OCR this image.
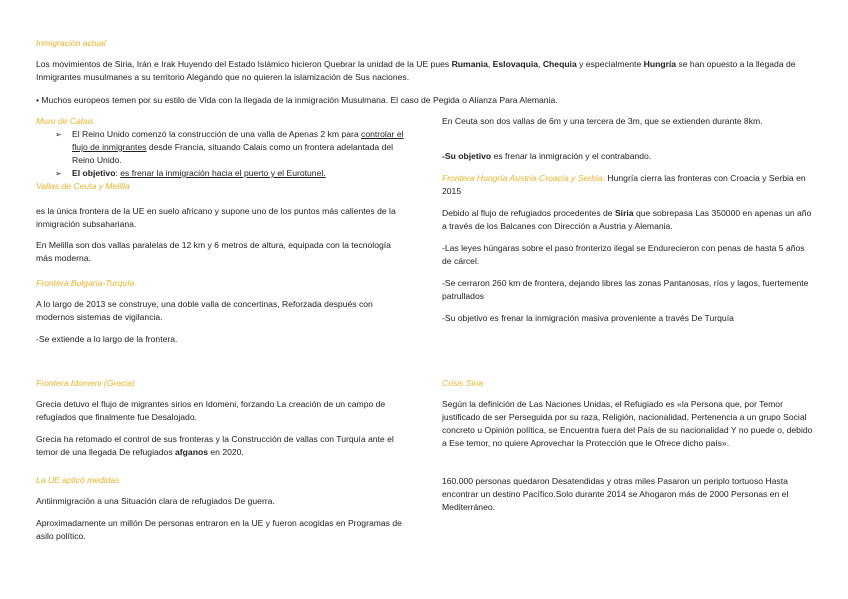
Inmigración actual

Los movimientos de Siria, Irán e Irak Huyendo del Estado Islámico hicieron Quebrar la unidad de la UE pues Rumania, Eslovaquia, Chequia y especialmente Hungría se han opuesto a la llegada de Inmigrantes musulmanes a su territorio Alegando que no quieren la islamización de Sus naciones.

• Muchos europeos temen por su estilo de Vida con la llegada de la inmigración Musulmana. El caso de Pegida o Alianza Para Alemania.

Muro de Calais
➢ El Reino Unido comenzó la construcción de una valla de Apenas 2 km para controlar el flujo de inmigrantes desde Francia, situando Calais como un frontera adelantada del Reino Unido.
➢ El objetivo: es frenar la inmigración hacia el puerto y el Eurotunel.
Vallas de Ceuta y Melilla

es la única frontera de la UE en suelo africano y supone uno de los puntos más calientes de la inmigración subsahariana.

En Melilla son dos vallas paralelas de 12 km y 6 metros de altura, equipada con la tecnología más moderna.

Frontera Bulgaria-Turquía

A lo largo de 2013 se construye, una doble valla de concertinas, Reforzada después con modernos sistemas de vigilancia.

-Se extiende a lo largo de la frontera.

En Ceuta son dos vallas de 6m y una tercera de 3m, que se extienden durante 8km.

-Su objetivo es frenar la inmigración y el contrabando.

Frontera Hungría Austria-Croacia y Serbia: Hungría cierra las fronteras con Croacia y Serbia en 2015

Debido al flujo de refugiados procedentes de Siria que sobrepasa Las 350000 en apenas un año a través de los Balcanes con Dirección a Austria y Alemania.

-Las leyes húngaras sobre el paso fronterizo ilegal se Endurecieron con penas de hasta 5 años de cárcel.

-Se cerraron 260 km de frontera, dejando libres las zonas Pantanosas, ríos y lagos, fuertemente patrullados

-Su objetivo es frenar la inmigración masiva proveniente a través De Turquía

Frontera Idomeni (Grecia)

Grecia detuvo el flujo de migrantes sirios en Idomeni, forzando La creación de un campo de refugiados que finalmente fue Desalojado.

Grecia ha retomado el control de sus fronteras y la Construcción de vallas con Turquía ante el temor de una llegada De refugiados afganos en 2020.

La UE aplicó medidas

Antiinmigración a una Situación clara de refugiados De guerra.

Aproximadamente un millón De personas entraron en la UE y fueron acogidas en Programas de asilo político.

Crisis Siria

Según la definición de Las Naciones Unidas, el Refugiado es «la Persona que, por Temor justificado de ser Perseguida por su raza, Religión, nacionalidad, Pertenencia a un grupo Social concreto u Opinión política, se Encuentra fuera del País de su nacionalidad Y no puede o, debido a Ese temor, no quiere Aprovechar la Protección que le Ofrece dicho país».

160.000 personas quedaron Desatendidas y otras miles Pasaron un periplo tortuoso Hasta encontrar un destino Pacífico.Solo durante 2014 se Ahogaron más de 2000 Personas en el Mediterráneo.
